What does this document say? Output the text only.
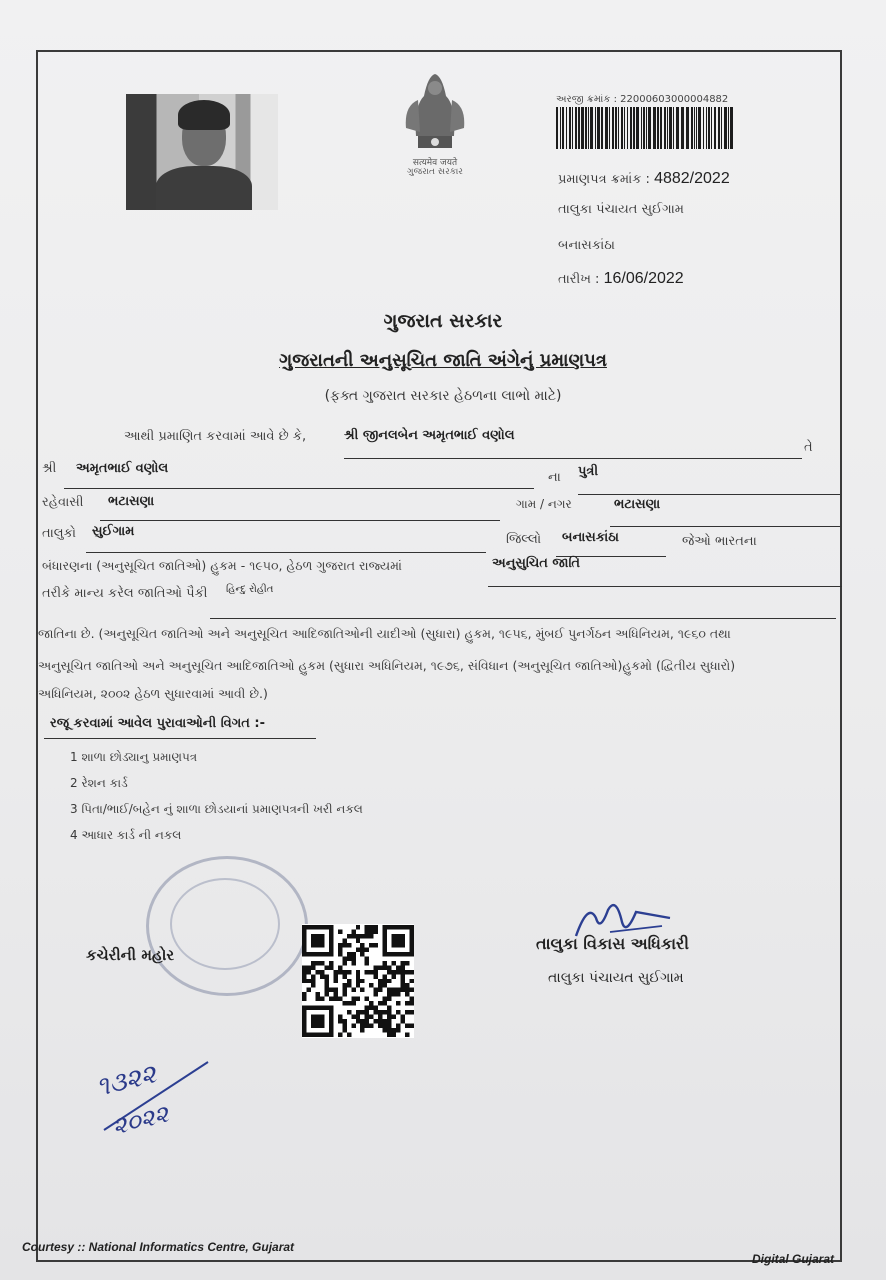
सत्यमेव जयते
ગુજરાત સરકાર
અરજી ક્રમાંક : 22000603000004882
પ્રમાણપત્ર ક્રમાંક : 4882/2022
તાલુકા પંચાયત સુઈગામ
બનાસકાંઠા
તારીખ : 16/06/2022
ગુજરાત સરકાર
ગુજરાતની અનુસૂચિત જાતિ અંગેનું પ્રમાણપત્ર
(ફક્ત ગુજરાત સરકાર હેઠળના લાભો માટે)
આથી પ્રમાણિત કરવામાં આવે છે કે,	શ્રી જીનલબેન અમૃતભાઈ વણોલ
તે
શ્રી અમૃતભાઈ વણોલ
ના પુત્રી
રહેવાસી ભટાસણા	ગામ / નગર	ભટાસણા
તાલુકો સુઈગામ
જિલ્લો બનાસકાંઠા	જેઓ ભારતના
બંધારણના (અનુસૂચિત જાતિઓ) હુકમ - ૧૯૫૦, હેઠળ ગુજરાત રાજ્યમાં	અનુસુચિત જાતિ
તરીકે માન્ય કરેલ જાતિઓ પૈકી હિન્દુ રોહીત
જાતિના છે. (અનુસૂચિત જાતિઓ અને અનુસૂચિત આદિજાતિઓની યાદીઓ (સુધારા) હુકમ, ૧૯૫૬, મુંબઈ પુનર્ગઠન અધિનિયમ, ૧૯૬૦ તથા
અનુસૂચિત જાતિઓ અને અનુસૂચિત આદિજાતિઓ હુકમ (સુધારા અધિનિયમ, ૧૯૭૬, સંવિધાન (અનુસૂચિત જાતિઓ)હુકમો (દ્વિતીય સુધારો)
અધિનિયમ, ૨૦૦૨ હેઠળ સુધારવામાં આવી છે.)
રજૂ કરવામાં આવેલ પુરાવાઓની વિગત :-
1 શાળા છોડ્યાનુ પ્રમાણપત્ર
2 રેશન કાર્ડ
3 પિતા/ભાઈ/બહેન નું શાળા છોડયાનાં પ્રમાણપત્રની ખરી નકલ
4 આધાર કાર્ડ ની નકલ
કચેરીની મહોર
તાલુકા વિકાસ અધિકારી
તાલુકા પંચાયત સુઈગામ
૧૩૨૨
૨૦૨૨
Courtesy :: National Informatics Centre, Gujarat
Digital Gujarat
